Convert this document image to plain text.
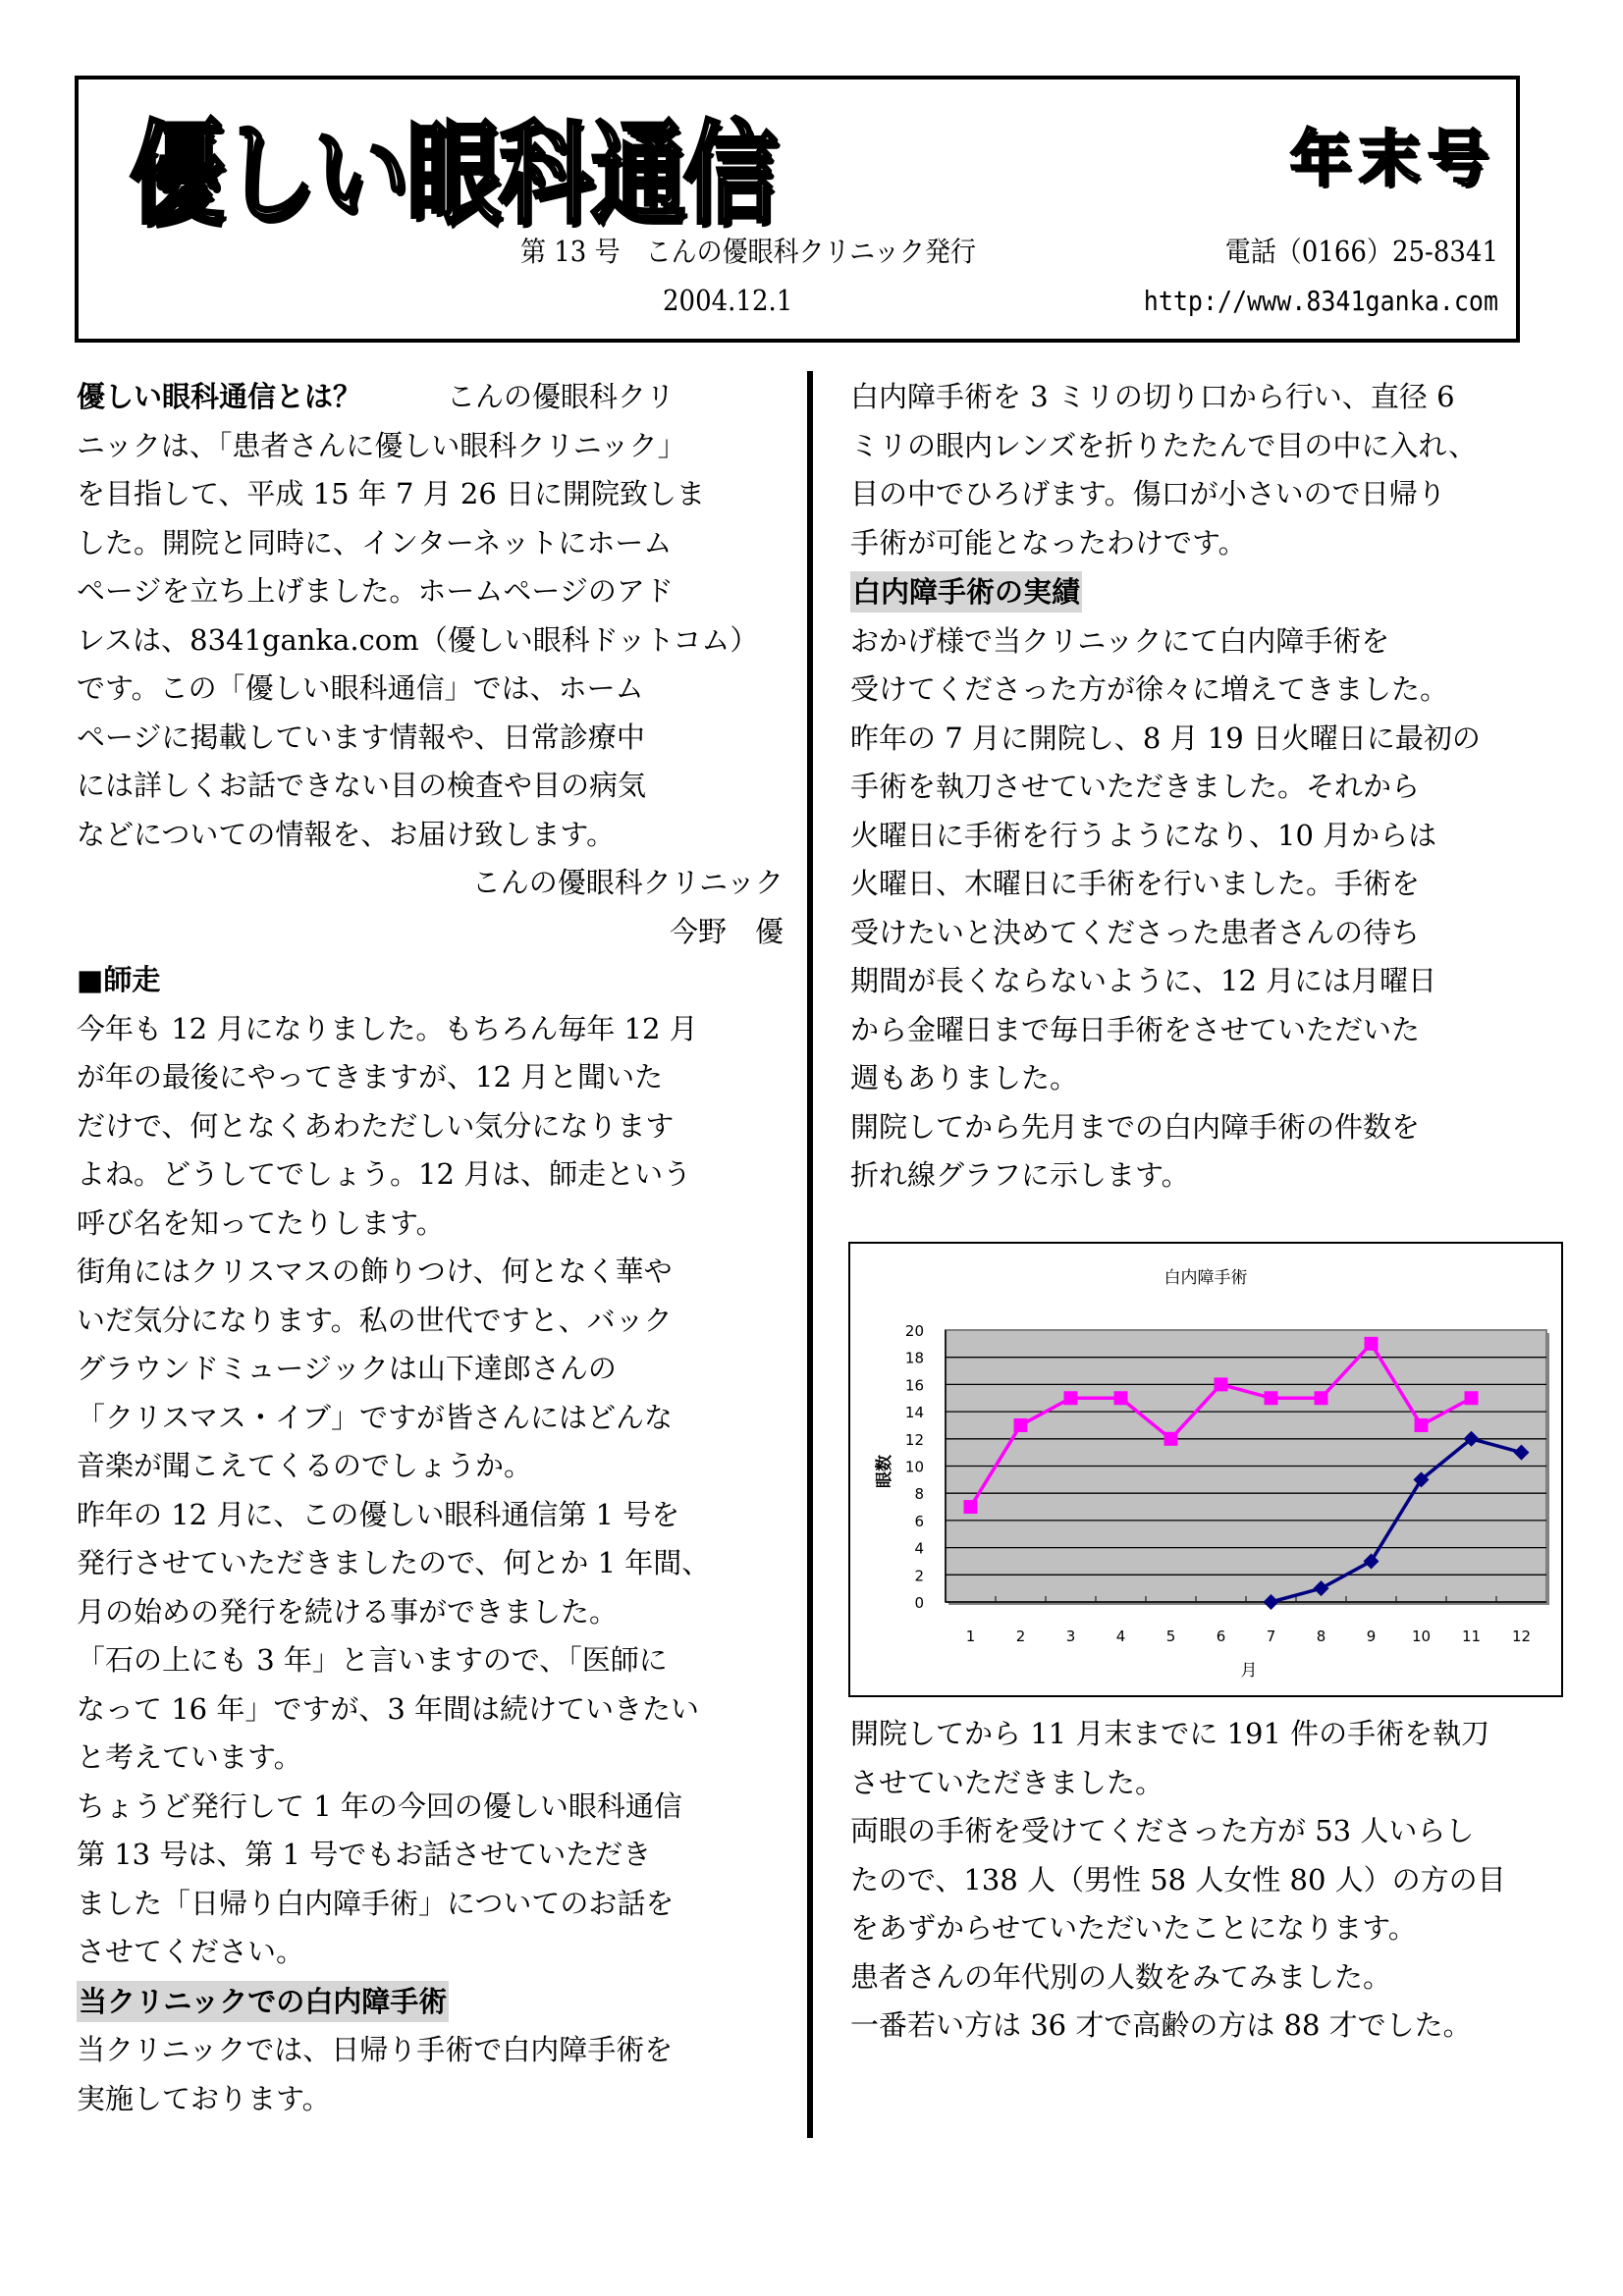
優しい眼科通信	年末号
第 13 号　こんの優眼科クリニック発行	電話（0166）25-8341
2004.12.1	http://www.8341ganka.com

優しい眼科通信とは？　　　こんの優眼科クリ

ニックは、「患者さんに優しい眼科クリニック」

を目指して、平成 15 年 7 月 26 日に開院致しま

した。開院と同時に、インターネットにホーム

ページを立ち上げました。ホームページのアド

レスは、8341ganka.com（優しい眼科ドットコム）

です。この「優しい眼科通信」では、ホーム

ページに掲載しています情報や、日常診療中

には詳しくお話できない目の検査や目の病気

などについての情報を、お届け致します。

こんの優眼科クリニック

今野　優

■師走

今年も 12 月になりました。もちろん毎年 12 月

が年の最後にやってきますが、12 月と聞いた

だけで、何となくあわただしい気分になります

よね。どうしてでしょう。12 月は、師走という

呼び名を知ってたりします。

街角にはクリスマスの飾りつけ、何となく華や

いだ気分になります。私の世代ですと、バック

グラウンドミュージックは山下達郎さんの

「クリスマス・イブ」ですが皆さんにはどんな

音楽が聞こえてくるのでしょうか。

昨年の 12 月に、この優しい眼科通信第 1 号を

発行させていただきましたので、何とか 1 年間、

月の始めの発行を続ける事ができました。

「石の上にも 3 年」と言いますので、「医師に

なって 16 年」ですが、3 年間は続けていきたい

と考えています。

ちょうど発行して 1 年の今回の優しい眼科通信

第 13 号は、第 1 号でもお話させていただき

ました「日帰り白内障手術」についてのお話を

させてください。

当クリニックでの白内障手術

当クリニックでは、日帰り手術で白内障手術を

実施しております。

白内障手術を 3 ミリの切り口から行い、直径 6

ミリの眼内レンズを折りたたんで目の中に入れ、

目の中でひろげます。傷口が小さいので日帰り

手術が可能となったわけです。

白内障手術の実績

おかげ様で当クリニックにて白内障手術を

受けてくださった方が徐々に増えてきました。

昨年の 7 月に開院し、8 月 19 日火曜日に最初の

手術を執刀させていただきました。それから

火曜日に手術を行うようになり、10 月からは

火曜日、木曜日に手術を行いました。手術を

受けたいと決めてくださった患者さんの待ち

期間が長くならないように、12 月には月曜日

から金曜日まで毎日手術をさせていただいた

週もありました。

開院してから先月までの白内障手術の件数を

折れ線グラフに示します。

開院してから 11 月末までに 191 件の手術を執刀

させていただきました。

両眼の手術を受けてくださった方が 53 人いらし

たので、138 人（男性 58 人女性 80 人）の方の目

をあずからせていただいたことになります。

患者さんの年代別の人数をみてみました。

一番若い方は 36 才で高齢の方は 88 才でした。

白内障手術
0
2
4
6
8
10
12
14
16
18
20
1	2	3	4	5	6	7	8	9 10 11 12
眼数
月
